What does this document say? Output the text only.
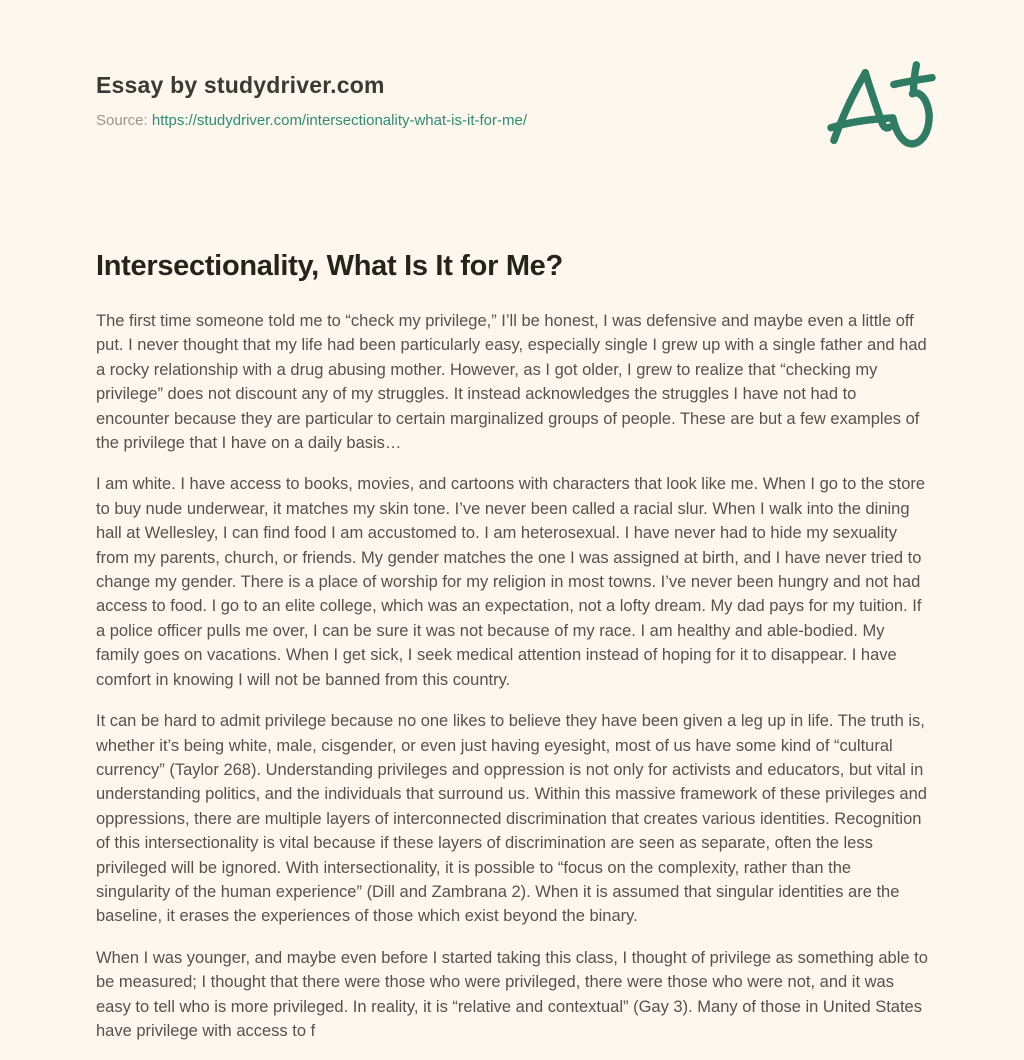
Essay by studydriver.com
Source: https://studydriver.com/intersectionality-what-is-it-for-me/
Intersectionality, What Is It for Me?

The first time someone told me to “check my privilege,” I’ll be honest, I was defensive and maybe even a little off put. I never thought that my life had been particularly easy, especially single I grew up with a single father and had a rocky relationship with a drug abusing mother. However, as I got older, I grew to realize that “checking my privilege” does not discount any of my struggles. It instead acknowledges the struggles I have not had to encounter because they are particular to certain marginalized groups of people. These are but a few examples of the privilege that I have on a daily basis…

I am white. I have access to books, movies, and cartoons with characters that look like me. When I go to the store to buy nude underwear, it matches my skin tone. I’ve never been called a racial slur. When I walk into the dining hall at Wellesley, I can find food I am accustomed to. I am heterosexual. I have never had to hide my sexuality from my parents, church, or friends. My gender matches the one I was assigned at birth, and I have never tried to change my gender. There is a place of worship for my religion in most towns. I’ve never been hungry and not had access to food. I go to an elite college, which was an expectation, not a lofty dream. My dad pays for my tuition. If a police officer pulls me over, I can be sure it was not because of my race. I am healthy and able-bodied. My family goes on vacations. When I get sick, I seek medical attention instead of hoping for it to disappear. I have comfort in knowing I will not be banned from this country.

It can be hard to admit privilege because no one likes to believe they have been given a leg up in life. The truth is, whether it’s being white, male, cisgender, or even just having eyesight, most of us have some kind of “cultural currency” (Taylor 268). Understanding privileges and oppression is not only for activists and educators, but vital in understanding politics, and the individuals that surround us. Within this massive framework of these privileges and oppressions, there are multiple layers of interconnected discrimination that creates various identities. Recognition of this intersectionality is vital because if these layers of discrimination are seen as separate, often the less privileged will be ignored. With intersectionality, it is possible to “focus on the complexity, rather than the singularity of the human experience” (Dill and Zambrana 2). When it is assumed that singular identities are the baseline, it erases the experiences of those which exist beyond the binary.

When I was younger, and maybe even before I started taking this class, I thought of privilege as something able to be measured; I thought that there were those who were privileged, there were those who were not, and it was easy to tell who is more privileged. In reality, it is “relative and contextual” (Gay 3). Many of those in United States have privilege with access to f
